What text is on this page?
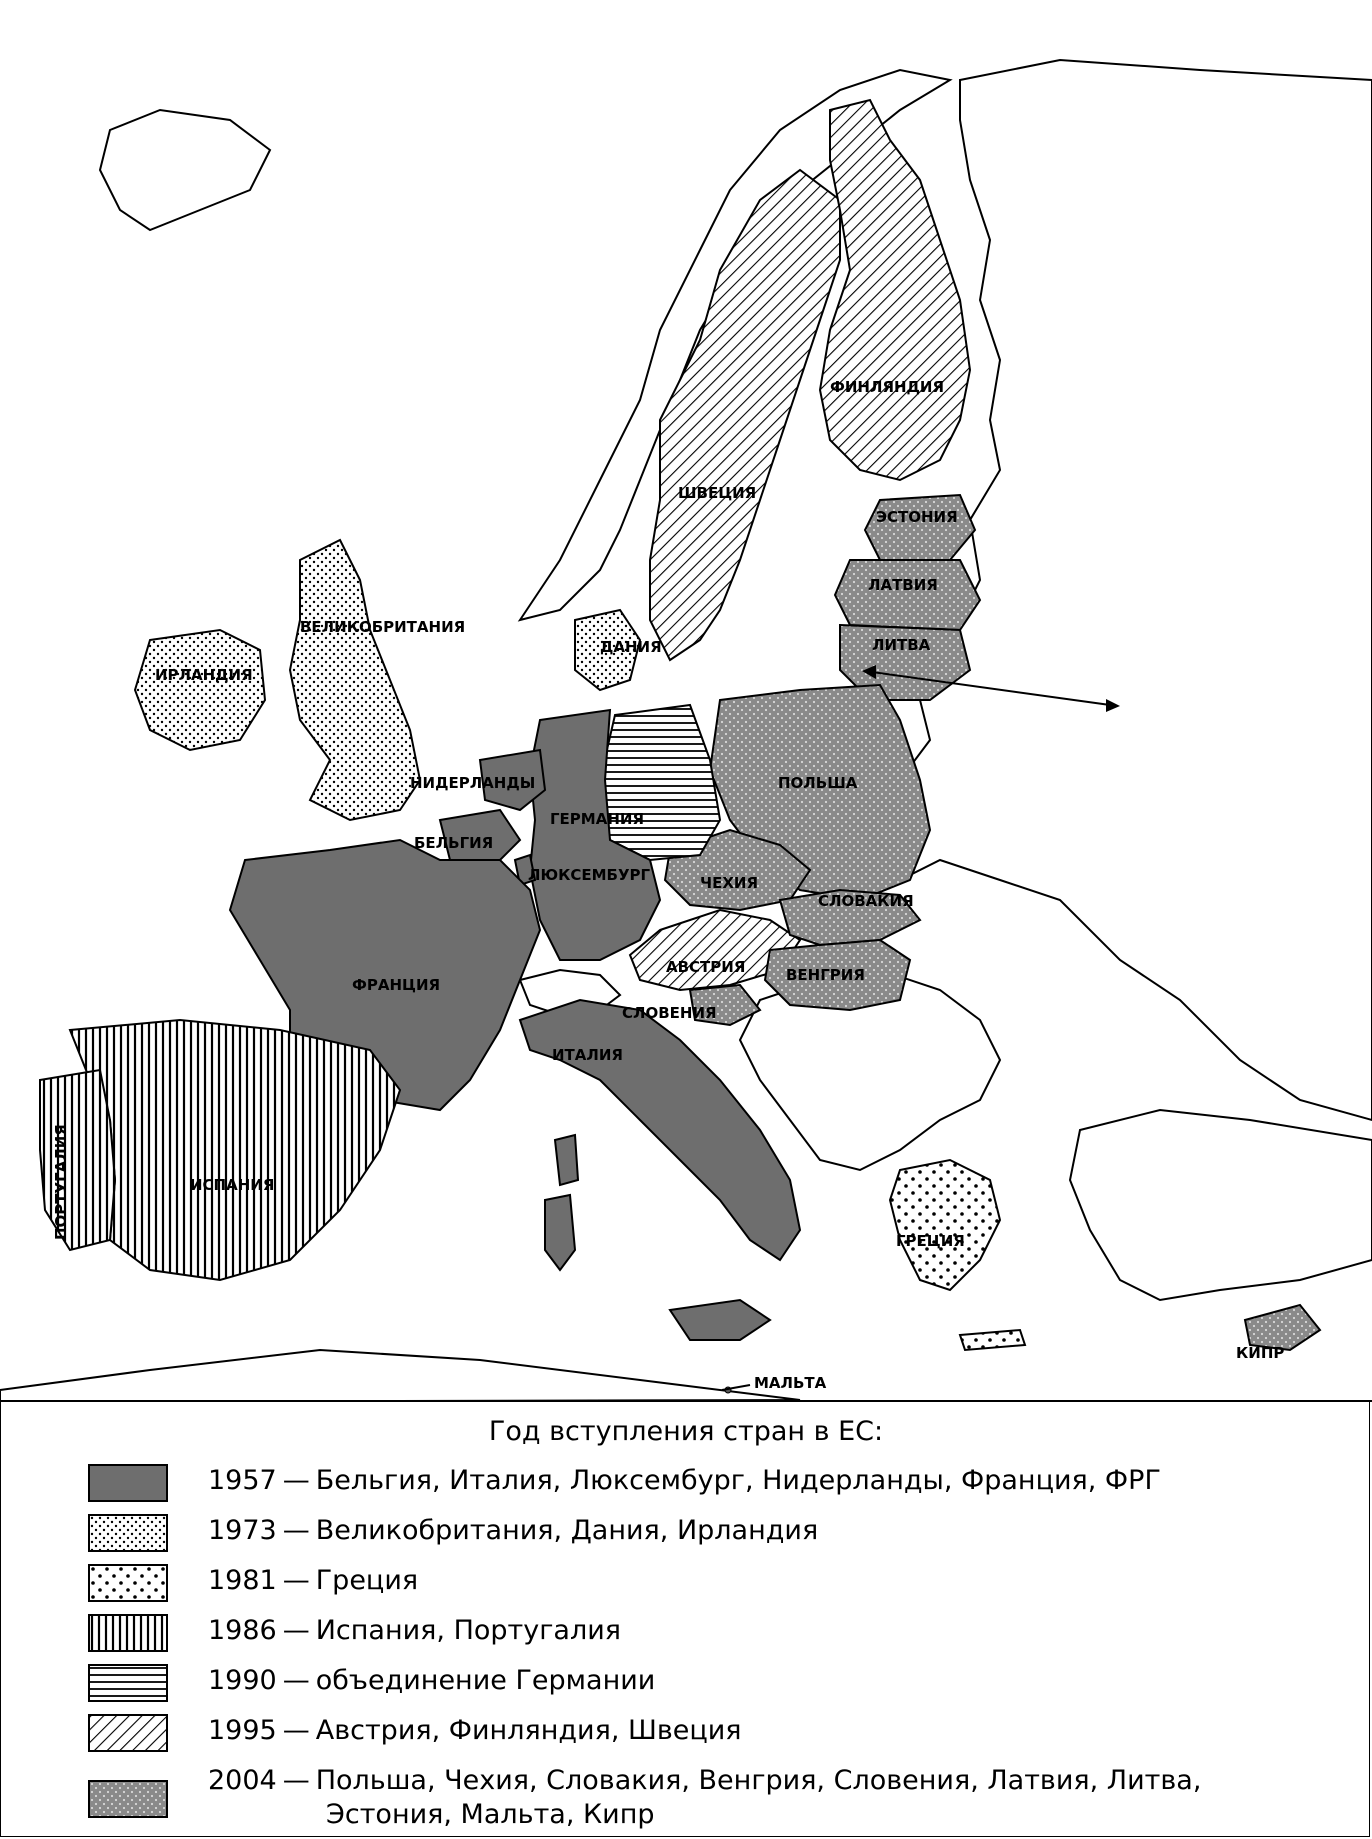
ЭСТОНИЯ
ЛАТВИЯ
ЛИТВА
ФИНЛЯНДИЯ
ШВЕЦИЯ
ДАНИЯ
ВЕЛИКОБРИТАНИЯ
ИРЛАНДИЯ
НИДЕРЛАНДЫ
ГЕРМАНИЯ
БЕЛЬГИЯ
ЛЮКСЕМБУРГ
ПОЛЬША
ЧЕХИЯ
СЛОВАКИЯ
АВСТРИЯ	ВЕНГРИЯ
СЛОВЕНИЯ
ФРАНЦИЯ
ИТАЛИЯ
ИСПАНИЯ
ПОРТУГАЛИЯ
ГРЕЦИЯ
КИПР
МАЛЬТА
Год вступления стран в ЕС:
1957 — Бельгия, Италия, Люксембург, Нидерланды, Франция, ФРГ
1973 — Великобритания, Дания, Ирландия
1981 — Греция
1986 — Испания, Португалия
1990 — объединение Германии
1995 — Австрия, Финляндия, Швеция
2004 — Польша, Чехия, Словакия, Венгрия, Словения, Латвия, Литва,
Эстония, Мальта, Кипр
